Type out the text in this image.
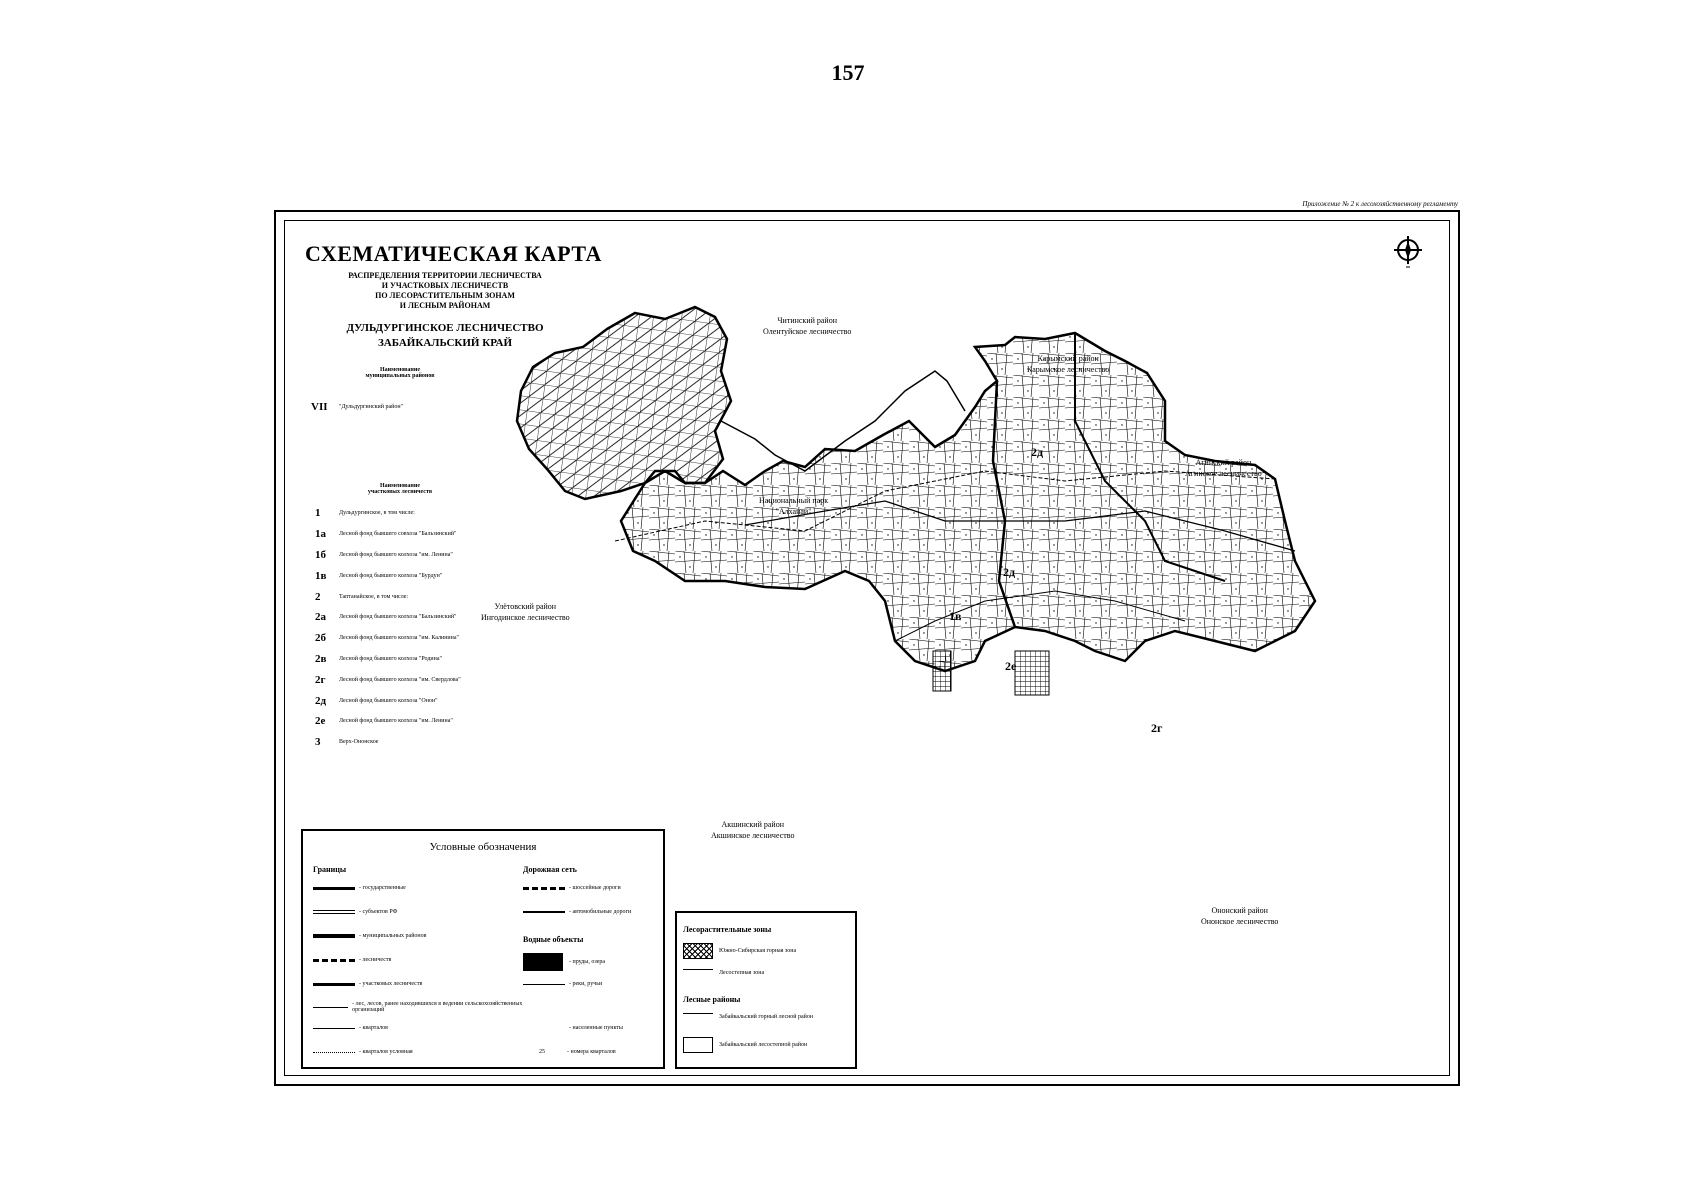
157
Приложение № 2 к лесохозяйственному регламенту
СХЕМАТИЧЕСКАЯ КАРТА
РАСПРЕДЕЛЕНИЯ ТЕРРИТОРИИ ЛЕСНИЧЕСТВА
И УЧАСТКОВЫХ ЛЕСНИЧЕСТВ
ПО ЛЕСОРАСТИТЕЛЬНЫМ ЗОНАМ
И ЛЕСНЫМ РАЙОНАМ
ДУЛЬДУРГИНСКОЕ ЛЕСНИЧЕСТВО
ЗАБАЙКАЛЬСКИЙ КРАЙ
Наименование
муниципальных районов
VII	"Дульдургинский район"
Наименование
участковых лесничеств
1	Дульдургинское, в том числе:
1а	Лесной фонд бывшего совхоза "Бальзинский"
1б	Лесной фонд бывшего колхоза "им. Ленина"
1в	Лесной фонд бывшего колхоза "Бурдун"
2	Таптанайское, в том числе:
2а	Лесной фонд бывшего колхоза "Бальзинский"
2б	Лесной фонд бывшего колхоза "им. Калинина"
2в	Лесной фонд бывшего колхоза "Родина"
2г	Лесной фонд бывшего колхоза "им. Свердлова"
2д	Лесной фонд бывшего колхоза "Онон"
2е	Лесной фонд бывшего колхоза "им. Ленина"
3	Верх-Ононское
Читинский район
Олентуйское лесничество
Карымский район
Карымское лесничество
Агинский район
Агинское лесничество
Национальный парк
"Алханай"
Улётовский район
Ингодинское лесничество
Акшинский район
Акшинское лесничество
Ононский район
Ононское лесничество
2д
2д
1в
2е
2г
Условные обозначения
Границы
- государственные
- субъектов РФ
- муниципальных районов
- лесничеств
- участковых лесничеств
- лес, лесов, ранее находившихся в ведении сельскохозяйственных организаций
- кварталов
- кварталов условная
Дорожная сеть
- шоссейные дороги
- автомобильные дороги
Водные объекты
- пруды, озера
- реки, ручьи
- населенные пункты
25	- номера кварталов
Лесорастительные зоны
Южно-Сибирская горная зона
Лесостепная зона
Лесные районы
Забайкальский горный лесной район
Забайкальский лесостепной район
